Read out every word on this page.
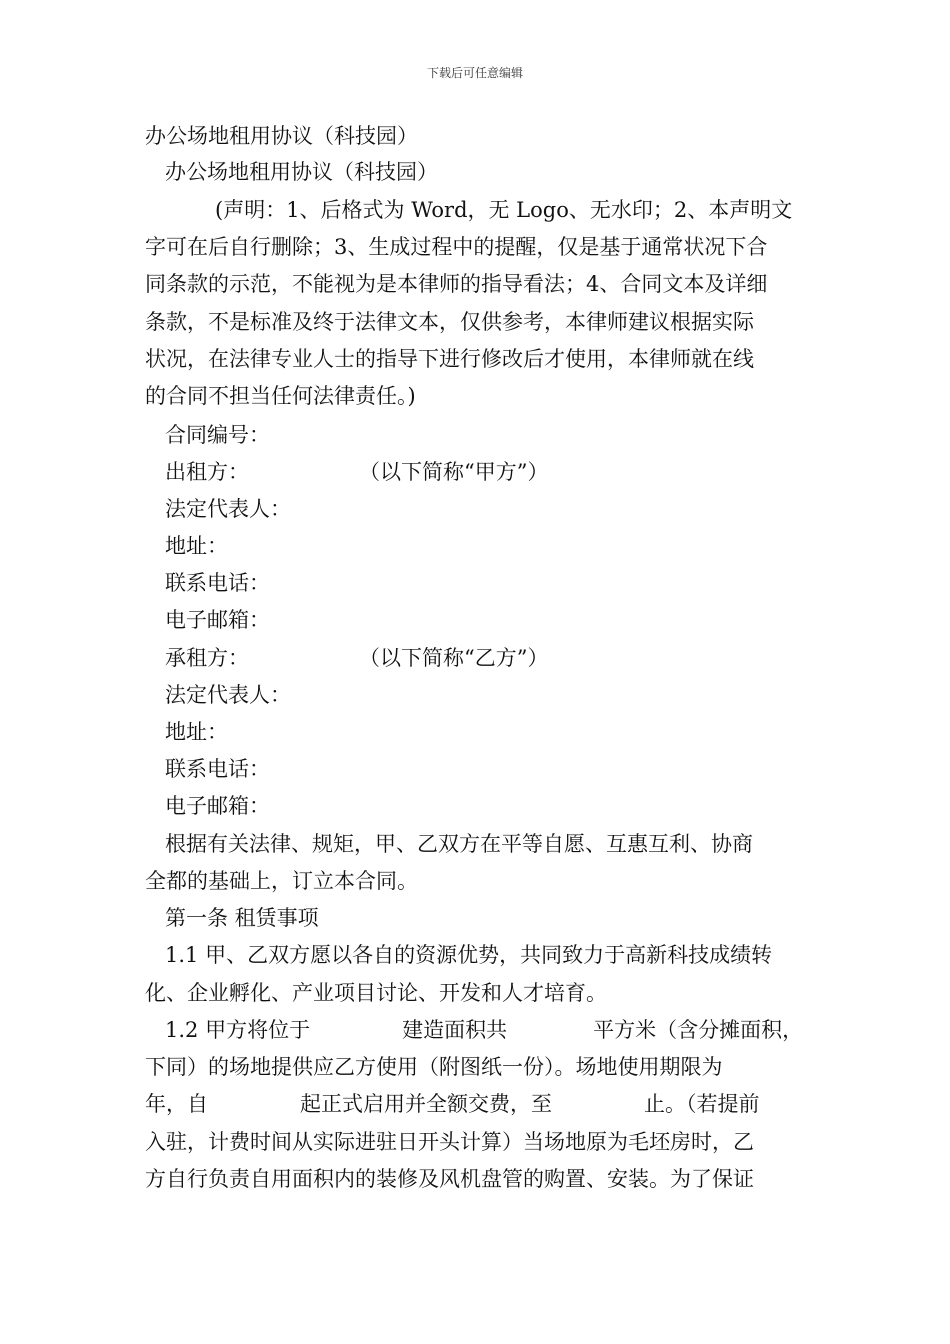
下载后可任意编辑
办公场地租用协议（科技园）
办公场地租用协议（科技园）
(声明：1、后格式为 Word，无 Logo、无水印；2、本声明文
字可在后自行删除；3、生成过程中的提醒，仅是基于通常状况下合
同条款的示范，不能视为是本律师的指导看法；4、合同文本及详细
条款，不是标准及终于法律文本，仅供参考，本律师建议根据实际
状况，在法律专业人士的指导下进行修改后才使用，本律师就在线
的合同不担当任何法律责任。)
合同编号：
出租方：	（以下简称“甲方”）
法定代表人：
地址：
联系电话：
电子邮箱：
承租方：	（以下简称“乙方”）
法定代表人：
地址：
联系电话：
电子邮箱：
根据有关法律、规矩，甲、乙双方在平等自愿、互惠互利、协商
全都的基础上，订立本合同。
第一条 租赁事项
1.1 甲、乙双方愿以各自的资源优势，共同致力于高新科技成绩转
化、企业孵化、产业项目讨论、开发和人才培育。
1.2 甲方将位于	建造面积共	平方米（含分摊面积，
下同）的场地提供应乙方使用（附图纸一份）。场地使用期限为
年，自	起正式启用并全额交费，至	止。（若提前
入驻，计费时间从实际进驻日开头计算）当场地原为毛坯房时，乙
方自行负责自用面积内的装修及风机盘管的购置、安装。为了保证
